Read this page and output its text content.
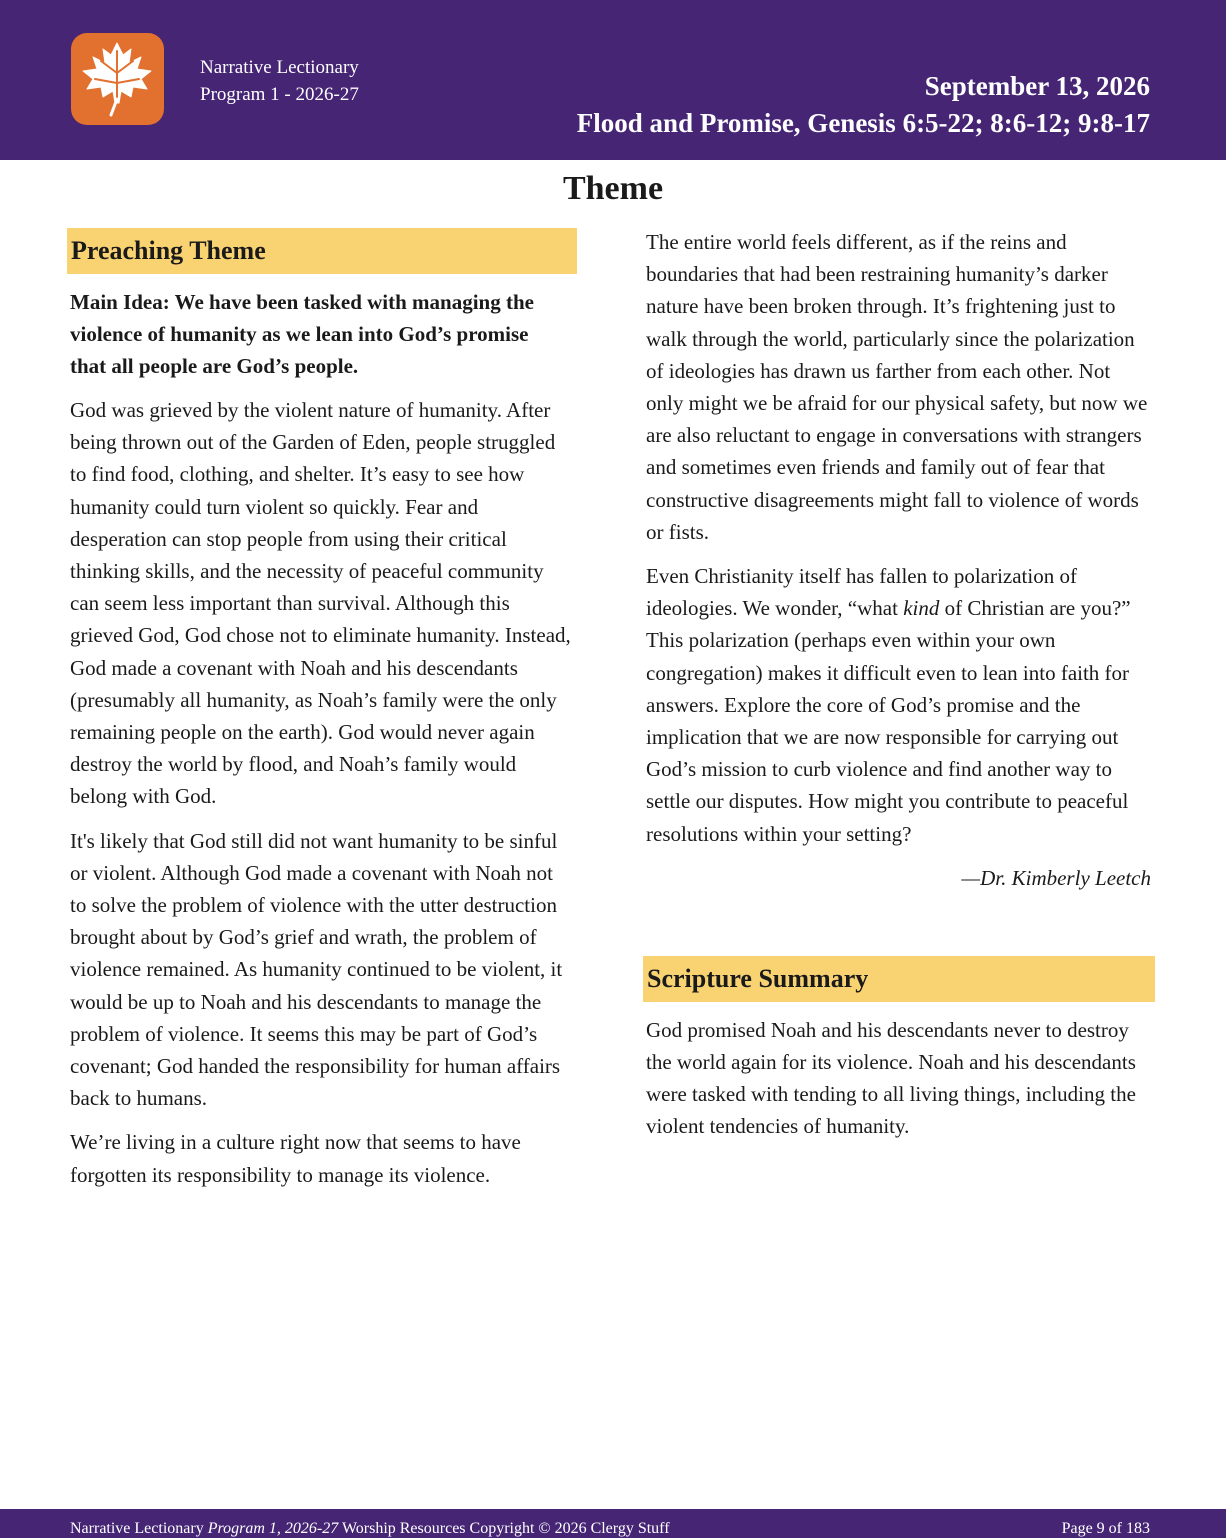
Narrative Lectionary
Program 1 - 2026-27	September 13, 2026
Flood and Promise, Genesis 6:5-22; 8:6-12; 9:8-17
Theme
Preaching Theme
Main Idea: We have been tasked with managing the violence of humanity as we lean into God’s promise that all people are God’s people.

God was grieved by the violent nature of humanity. After being thrown out of the Garden of Eden, people struggled to find food, clothing, and shelter. It’s easy to see how humanity could turn violent so quickly. Fear and desperation can stop people from using their critical thinking skills, and the necessity of peaceful community can seem less important than survival. Although this grieved God, God chose not to eliminate humanity. Instead, God made a covenant with Noah and his descendants (presumably all humanity, as Noah’s family were the only remaining people on the earth). God would never again destroy the world by flood, and Noah’s family would belong with God.

It's likely that God still did not want humanity to be sinful or violent. Although God made a covenant with Noah not to solve the problem of violence with the utter destruction brought about by God’s grief and wrath, the problem of violence remained. As humanity continued to be violent, it would be up to Noah and his descendants to manage the problem of violence. It seems this may be part of God’s covenant; God handed the responsibility for human affairs back to humans.

We’re living in a culture right now that seems to have forgotten its responsibility to manage its violence.

The entire world feels different, as if the reins and boundaries that had been restraining humanity’s darker nature have been broken through. It’s frightening just to walk through the world, particularly since the polarization of ideologies has drawn us farther from each other. Not only might we be afraid for our physical safety, but now we are also reluctant to engage in conversations with strangers and sometimes even friends and family out of fear that constructive disagreements might fall to violence of words or fists.

Even Christianity itself has fallen to polarization of ideologies. We wonder, “what kind of Christian are you?” This polarization (perhaps even within your own congregation) makes it difficult even to lean into faith for answers. Explore the core of God’s promise and the implication that we are now responsible for carrying out God’s mission to curb violence and find another way to settle our disputes. How might you contribute to peaceful resolutions within your setting?

—Dr. Kimberly Leetch
Scripture Summary

God promised Noah and his descendants never to destroy the world again for its violence. Noah and his descendants were tasked with tending to all living things, including the violent tendencies of humanity.

Narrative Lectionary Program 1, 2026-27 Worship Resources Copyright © 2026 Clergy Stuff	Page 9 of 183
